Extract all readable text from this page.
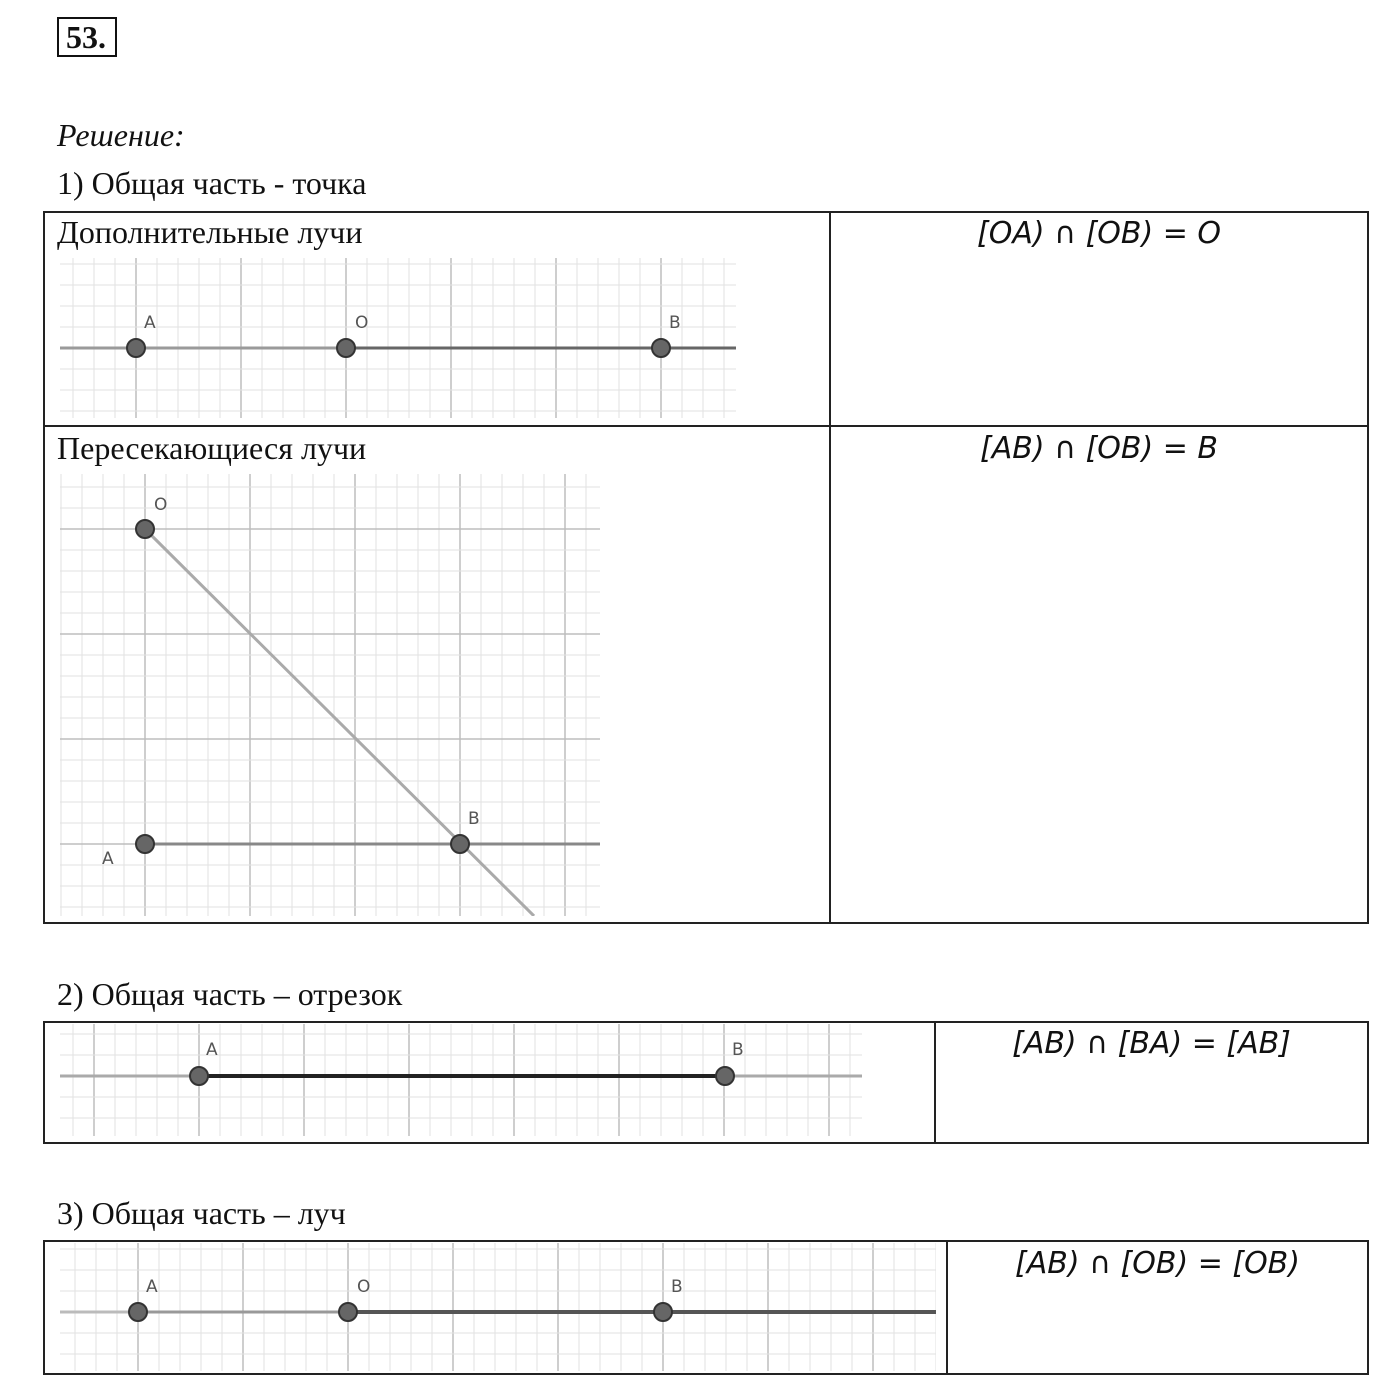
53.
Решение:
1) Общая часть - точка
Дополнительные лучи	[OA) ∩ [OB) = O
A	O	B
Пересекающиеся лучи	[AB) ∩ [OB) = B
O
B
A
2) Общая часть – отрезок
[AB) ∩ [BA) = [AB]
A	B
3) Общая часть – луч
[AB) ∩ [OB) = [OB)
A	O	B
